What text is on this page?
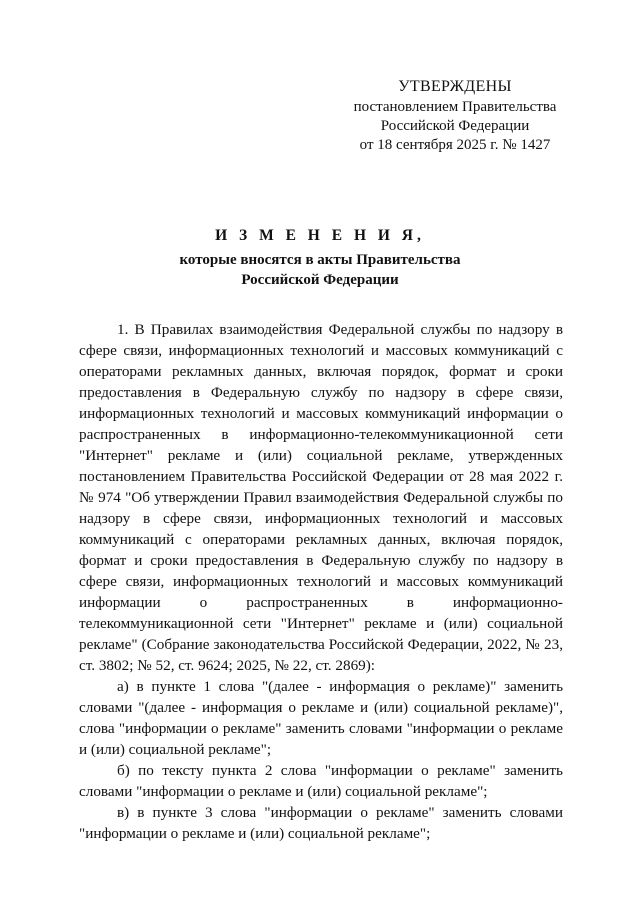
УТВЕРЖДЕНЫ
постановлением Правительства
Российской Федерации
от 18 сентября 2025 г. № 1427
И З М Е Н Е Н И Я,
которые вносятся в акты Правительства
Российской Федерации

1. В Правилах взаимодействия Федеральной службы по надзору в сфере связи, информационных технологий и массовых коммуникаций с операторами рекламных данных, включая порядок, формат и сроки предоставления в Федеральную службу по надзору в сфере связи, информационных технологий и массовых коммуникаций информации о распространенных в информационно-телекоммуникационной сети "Интернет" рекламе и (или) социальной рекламе, утвержденных постановлением Правительства Российской Федерации от 28 мая 2022 г. № 974 "Об утверждении Правил взаимодействия Федеральной службы по надзору в сфере связи, информационных технологий и массовых коммуникаций с операторами рекламных данных, включая порядок, формат и сроки предоставления в Федеральную службу по надзору в сфере связи, информационных технологий и массовых коммуникаций информации о распространенных в информационно-телекоммуникационной сети "Интернет" рекламе и (или) социальной рекламе" (Собрание законодательства Российской Федерации, 2022, № 23, ст. 3802; № 52, ст. 9624; 2025, № 22, ст. 2869):

а) в пункте 1 слова "(далее - информация о рекламе)" заменить словами "(далее - информация о рекламе и (или) социальной рекламе)", слова "информации о рекламе" заменить словами "информации о рекламе и (или) социальной рекламе";

б) по тексту пункта 2 слова "информации о рекламе" заменить словами "информации о рекламе и (или) социальной рекламе";

в) в пункте 3 слова "информации о рекламе" заменить словами "информации о рекламе и (или) социальной рекламе";
